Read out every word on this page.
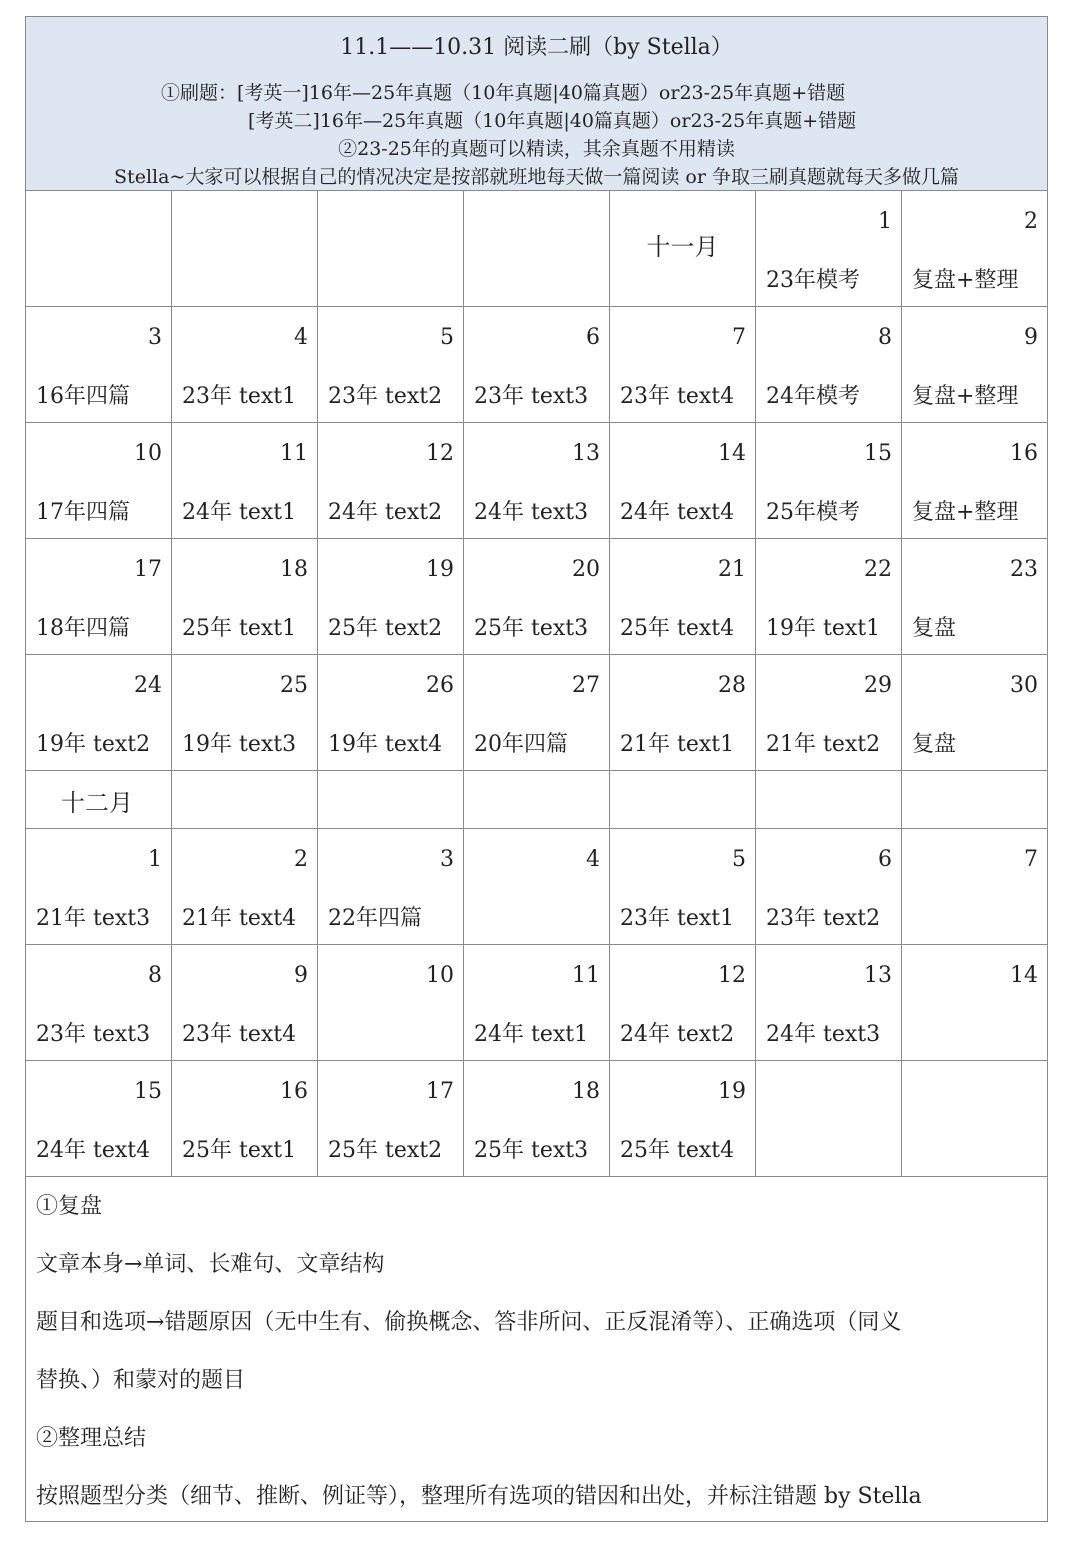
11.1——10.31 阅读二刷（by Stella）
①刷题：[考英一]16年—25年真题（10年真题|40篇真题）or23-25年真题+错题
[考英二]16年—25年真题（10年真题|40篇真题）or23-25年真题+错题
②23-25年的真题可以精读，其余真题不用精读
Stella~大家可以根据自己的情况决定是按部就班地每天做一篇阅读 or 争取三刷真题就每天多做几篇
十一月
1
23年模考
2
复盘+整理
3
16年四篇
4
23年 text1
5
23年 text2
6
23年 text3
7
23年 text4
8
24年模考
9
复盘+整理
10
17年四篇
11
24年 text1
12
24年 text2
13
24年 text3
14
24年 text4
15
25年模考
16
复盘+整理
17
18年四篇
18
25年 text1
19
25年 text2
20
25年 text3
21
25年 text4
22
19年 text1
23
复盘
24
19年 text2
25
19年 text3
26
19年 text4
27
20年四篇
28
21年 text1
29
21年 text2
30
复盘
十二月
1
21年 text3
2
21年 text4
3
22年四篇
4	5
23年 text1
6
23年 text2
7
8
23年 text3
9
23年 text4
10	11
24年 text1
12
24年 text2
13
24年 text3
14
15
24年 text4
16
25年 text1
17
25年 text2
18
25年 text3
19
25年 text4

①复盘

文章本身→单词、长难句、文章结构

题目和选项→错题原因（无中生有、偷换概念、答非所问、正反混淆等）、正确选项（同义

替换、）和蒙对的题目

②整理总结

按照题型分类（细节、推断、例证等），整理所有选项的错因和出处，并标注错题 by Stella
